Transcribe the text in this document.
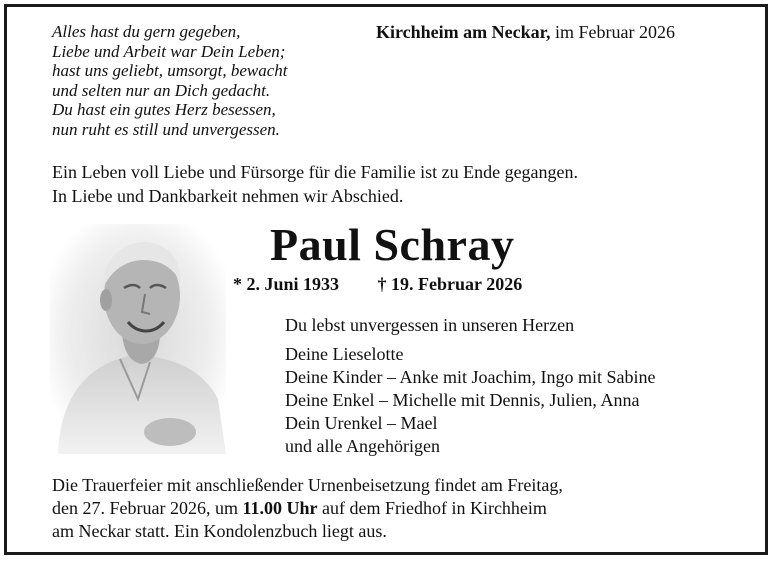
Alles hast du gern gegeben,
Liebe und Arbeit war Dein Leben;
hast uns geliebt, umsorgt, bewacht
und selten nur an Dich gedacht.
Du hast ein gutes Herz besessen,
nun ruht es still und unvergessen.
Kirchheim am Neckar, im Februar 2026
Ein Leben voll Liebe und Fürsorge für die Familie ist zu Ende gegangen.
In Liebe und Dankbarkeit nehmen wir Abschied.
Paul Schray
* 2. Juni 1933 † 19. Februar 2026
Du lebst unvergessen in unseren Herzen
Deine Lieselotte
Deine Kinder – Anke mit Joachim, Ingo mit Sabine
Deine Enkel – Michelle mit Dennis, Julien, Anna
Dein Urenkel – Mael
und alle Angehörigen
Die Trauerfeier mit anschließender Urnenbeisetzung findet am Freitag,
den 27. Februar 2026, um 11.00 Uhr auf dem Friedhof in Kirchheim
am Neckar statt. Ein Kondolenzbuch liegt aus.
